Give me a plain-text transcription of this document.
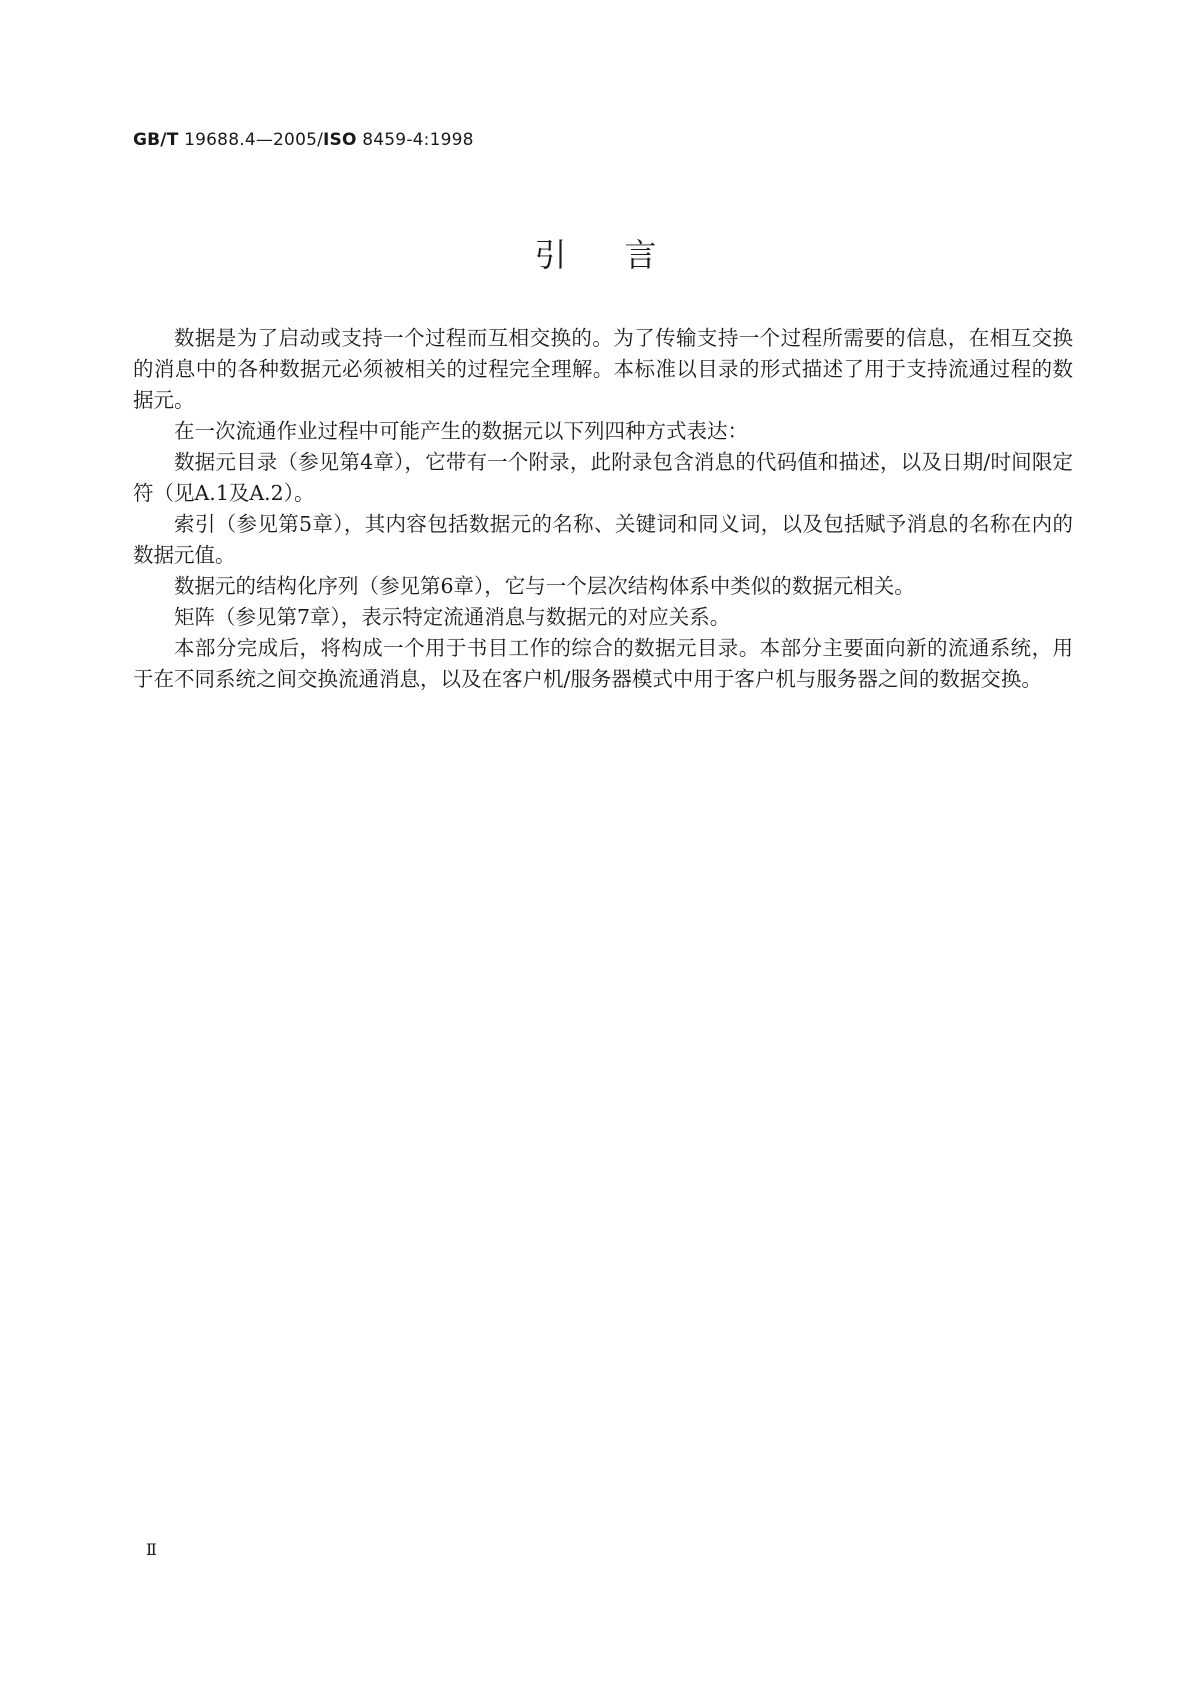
GB/T 19688.4—2005/ISO 8459-4:1998
引言

数据是为了启动或支持一个过程而互相交换的。为了传输支持一个过程所需要的信息，在相互交换的消息中的各种数据元必须被相关的过程完全理解。本标准以目录的形式描述了用于支持流通过程的数据元。

在一次流通作业过程中可能产生的数据元以下列四种方式表达：

数据元目录（参见第4章），它带有一个附录，此附录包含消息的代码值和描述，以及日期/时间限定符（见A.1及A.2）。

索引（参见第5章），其内容包括数据元的名称、关键词和同义词，以及包括赋予消息的名称在内的数据元值。

数据元的结构化序列（参见第6章），它与一个层次结构体系中类似的数据元相关。

矩阵（参见第7章），表示特定流通消息与数据元的对应关系。

本部分完成后，将构成一个用于书目工作的综合的数据元目录。本部分主要面向新的流通系统，用于在不同系统之间交换流通消息，以及在客户机/服务器模式中用于客户机与服务器之间的数据交换。

Ⅱ
